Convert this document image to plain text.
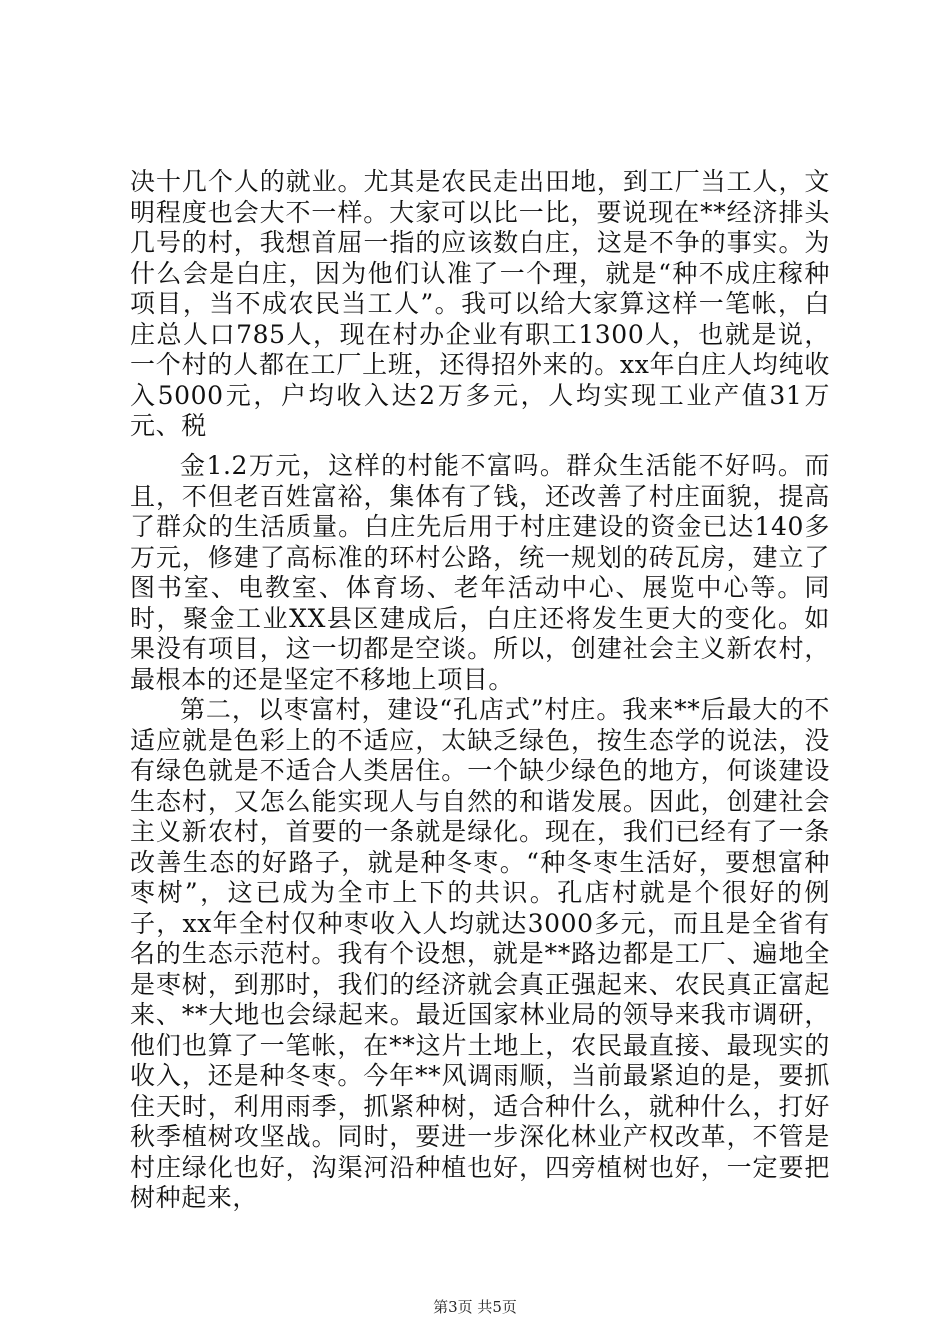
决十几个人的就业。尤其是农民走出田地，到工厂当工人，文明程度也会大不一样。大家可以比一比，要说现在**经济排头几号的村，我想首屈一指的应该数白庄，这是不争的事实。为什么会是白庄，因为他们认准了一个理，就是“种不成庄稼种项目，当不成农民当工人”。我可以给大家算这样一笔帐，白庄总人口785人，现在村办企业有职工1300人，也就是说，一个村的人都在工厂上班，还得招外来的。xx年白庄人均纯收入5000元，户均收入达2万多元，人均实现工业产值31万元、税

金1.2万元，这样的村能不富吗。群众生活能不好吗。而且，不但老百姓富裕，集体有了钱，还改善了村庄面貌，提高了群众的生活质量。白庄先后用于村庄建设的资金已达140多万元，修建了高标准的环村公路，统一规划的砖瓦房，建立了图书室、电教室、体育场、老年活动中心、展览中心等。同时，聚金工业XX县区建成后，白庄还将发生更大的变化。如果没有项目，这一切都是空谈。所以，创建社会主义新农村，最根本的还是坚定不移地上项目。

第二，以枣富村，建设“孔店式”村庄。我来**后最大的不适应就是色彩上的不适应，太缺乏绿色，按生态学的说法，没有绿色就是不适合人类居住。一个缺少绿色的地方，何谈建设生态村，又怎么能实现人与自然的和谐发展。因此，创建社会主义新农村，首要的一条就是绿化。现在，我们已经有了一条改善生态的好路子，就是种冬枣。“种冬枣生活好，要想富种枣树”，这已成为全市上下的共识。孔店村就是个很好的例子，xx年全村仅种枣收入人均就达3000多元，而且是全省有名的生态示范村。我有个设想，就是**路边都是工厂、遍地全是枣树，到那时，我们的经济就会真正强起来、农民真正富起来、**大地也会绿起来。最近国家林业局的领导来我市调研，他们也算了一笔帐，在**这片土地上，农民最直接、最现实的收入，还是种冬枣。今年**风调雨顺，当前最紧迫的是，要抓住天时，利用雨季，抓紧种树，适合种什么，就种什么，打好秋季植树攻坚战。同时，要进一步深化林业产权改革，不管是村庄绿化也好，沟渠河沿种植也好，四旁植树也好，一定要把树种起来，

第3页 共5页
